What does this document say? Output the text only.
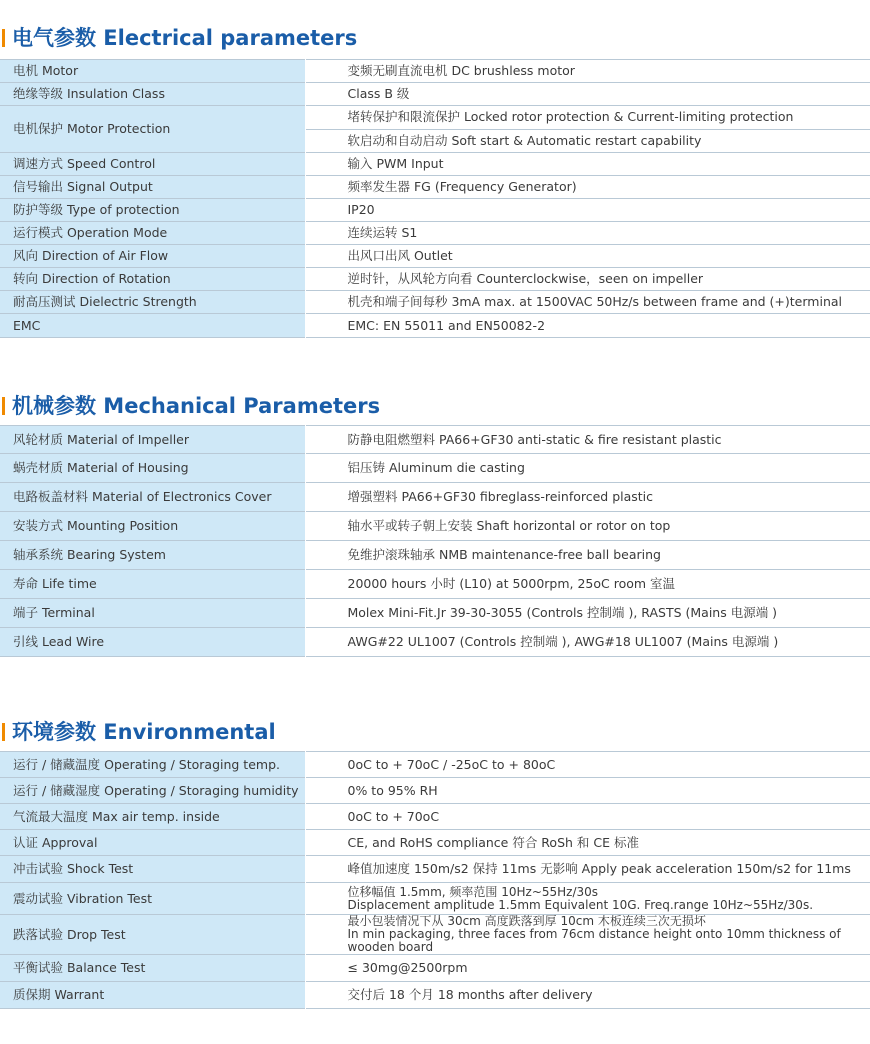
电气参数 Electrical parameters
电机 Motor	变频无刷直流电机 DC brushless motor
绝缘等级 Insulation Class	Class B 级
电机保护 Motor Protection	堵转保护和限流保护 Locked rotor protection & Current-limiting protection
	软启动和自动启动 Soft start & Automatic restart capability
调速方式 Speed Control	输入 PWM Input
信号输出 Signal Output	频率发生器 FG (Frequency Generator)
防护等级 Type of protection	IP20
运行模式 Operation Mode	连续运转 S1
风向 Direction of Air Flow	出风口出风 Outlet
转向 Direction of Rotation	逆时针，从风轮方向看 Counterclockwise，seen on impeller
耐高压测试 Dielectric Strength	机壳和端子间每秒 3mA max. at 1500VAC 50Hz/s between frame and (+)terminal
EMC	EMC: EN 55011 and EN50082-2
机械参数 Mechanical Parameters
风轮材质 Material of Impeller	防静电阻燃塑料 PA66+GF30 anti-static & fire resistant plastic
蜗壳材质 Material of Housing	铝压铸 Aluminum die casting
电路板盖材料 Material of Electronics Cover	增强塑料 PA66+GF30 fibreglass-reinforced plastic
安装方式 Mounting Position	轴水平或转子朝上安装 Shaft horizontal or rotor on top
轴承系统 Bearing System	免维护滚珠轴承 NMB maintenance-free ball bearing
寿命 Life time	20000 hours 小时 (L10) at 5000rpm, 25oC room 室温
端子 Terminal	Molex Mini-Fit.Jr 39-30-3055 (Controls 控制端 ), RASTS (Mains 电源端 )
引线 Lead Wire	AWG#22 UL1007 (Controls 控制端 ), AWG#18 UL1007 (Mains 电源端 )
环境参数 Environmental
运行 / 储藏温度 Operating / Storaging temp.	0oC to + 70oC / -25oC to + 80oC
运行 / 储藏湿度 Operating / Storaging humidity	0% to 95% RH
气流最大温度 Max air temp. inside	0oC to + 70oC
认证 Approval	CE, and RoHS compliance 符合 RoSh 和 CE 标准
冲击试验 Shock Test	峰值加速度 150m/s2 保持 11ms 无影响 Apply peak acceleration 150m/s2 for 11ms
震动试验 Vibration Test	位移幅值 1.5mm, 频率范围 10Hz~55Hz/30s
Displacement amplitude 1.5mm Equivalent 10G. Freq.range 10Hz~55Hz/30s.

跌落试验 Drop Test	最小包装情况下从 30cm 高度跌落到厚 10cm 木板连续三次无损坏
In min packaging, three faces from 76cm distance height onto 10mm thickness of wooden board

平衡试验 Balance Test	≤ 30mg@2500rpm
质保期 Warrant	交付后 18 个月 18 months after delivery
